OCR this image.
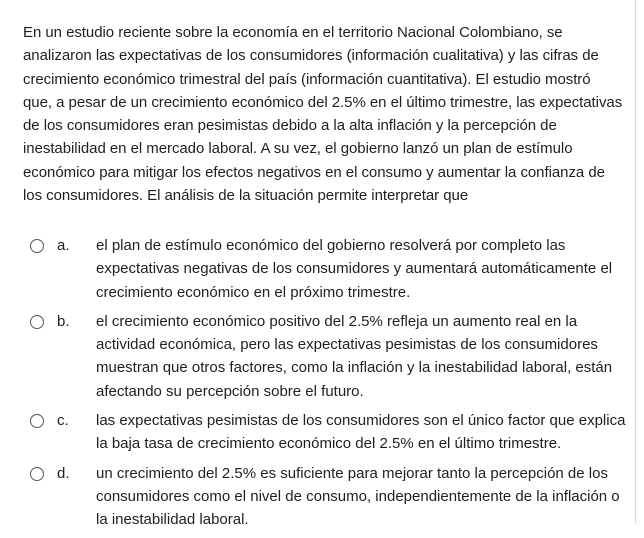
En un estudio reciente sobre la economía en el territorio Nacional Colombiano, se analizaron las expectativas de los consumidores (información cualitativa) y las cifras de crecimiento económico trimestral del país (información cuantitativa). El estudio mostró que, a pesar de un crecimiento económico del 2.5% en el último trimestre, las expectativas de los consumidores eran pesimistas debido a la alta inflación y la percepción de inestabilidad en el mercado laboral. A su vez, el gobierno lanzó un plan de estímulo económico para mitigar los efectos negativos en el consumo y aumentar la confianza de los consumidores. El análisis de la situación permite interpretar que
a.	el plan de estímulo económico del gobierno resolverá por completo las expectativas negativas de los consumidores y aumentará automáticamente el crecimiento económico en el próximo trimestre.
b.	el crecimiento económico positivo del 2.5% refleja un aumento real en la actividad económica, pero las expectativas pesimistas de los consumidores muestran que otros factores, como la inflación y la inestabilidad laboral, están afectando su percepción sobre el futuro.
c.	las expectativas pesimistas de los consumidores son el único factor que explica la baja tasa de crecimiento económico del 2.5% en el último trimestre.
d.	un crecimiento del 2.5% es suficiente para mejorar tanto la percepción de los consumidores como el nivel de consumo, independientemente de la inflación o la inestabilidad laboral.
